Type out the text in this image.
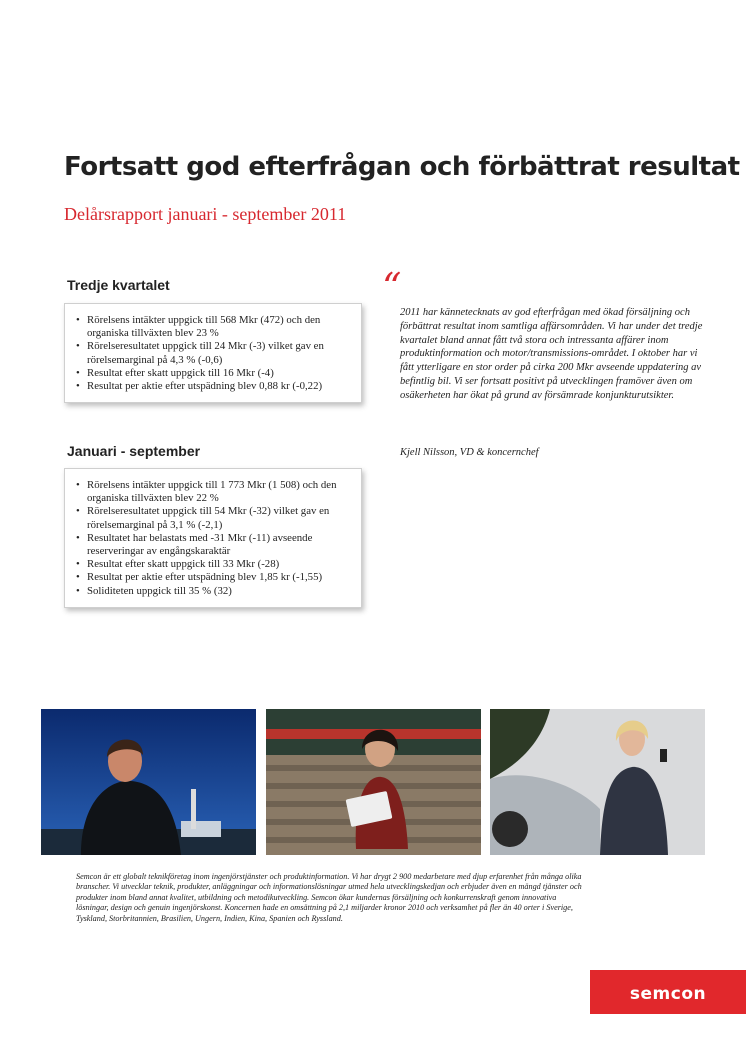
Fortsatt god efterfrågan och förbättrat resultat
Delårsrapport januari - september 2011
Tredje kvartalet
• Rörelsens intäkter uppgick till 568 Mkr (472) och den organiska tillväxten blev 23 %
• Rörelseresultatet uppgick till 24 Mkr (-3) vilket gav en rörelsemarginal på 4,3 % (-0,6)
• Resultat efter skatt uppgick till 16 Mkr (-4)
• Resultat per aktie efter utspädning blev 0,88 kr (-0,22)
Januari - september
• Rörelsens intäkter uppgick till 1 773 Mkr (1 508) och den organiska tillväxten blev 22 %
• Rörelseresultatet uppgick till 54 Mkr (-32) vilket gav en rörelsemarginal på 3,1 % (-2,1)
• Resultatet har belastats med -31 Mkr (-11) avseende reserveringar av engångskaraktär
• Resultat efter skatt uppgick till 33 Mkr (-28)
• Resultat per aktie efter utspädning blev 1,85 kr (-1,55)
• Soliditeten uppgick till 35 % (32)
“

2011 har kännetecknats av god efterfrågan med ökad försäljning och förbättrat resultat inom samtliga affärsområden. Vi har under det tredje kvartalet bland annat fått två stora och intressanta affärer inom produktinformation och motor/transmissions-området. I oktober har vi fått ytterligare en stor order på cirka 200 Mkr avseende uppdatering av befintlig bil. Vi ser fortsatt positivt på utvecklingen framöver även om osäkerheten har ökat på grund av försämrade konjunkturutsikter.

Kjell Nilsson, VD & koncernchef

Semcon är ett globalt teknikföretag inom ingenjörstjänster och produktinformation. Vi har drygt 2 900 medarbetare med djup erfarenhet från många olika branscher. Vi utvecklar teknik, produkter, anläggningar och informationslösningar utmed hela utvecklingskedjan och erbjuder även en mängd tjänster och produkter inom bland annat kvalitet, utbildning och metodikutveckling. Semcon ökar kundernas försäljning och konkurrenskraft genom innovativa lösningar, design och genuin ingenjörskonst. Koncernen hade en omsättning på 2,1 miljarder kronor 2010 och verksamhet på fler än 40 orter i Sverige, Tyskland, Storbritannien, Brasilien, Ungern, Indien, Kina, Spanien och Ryssland.

semcon
